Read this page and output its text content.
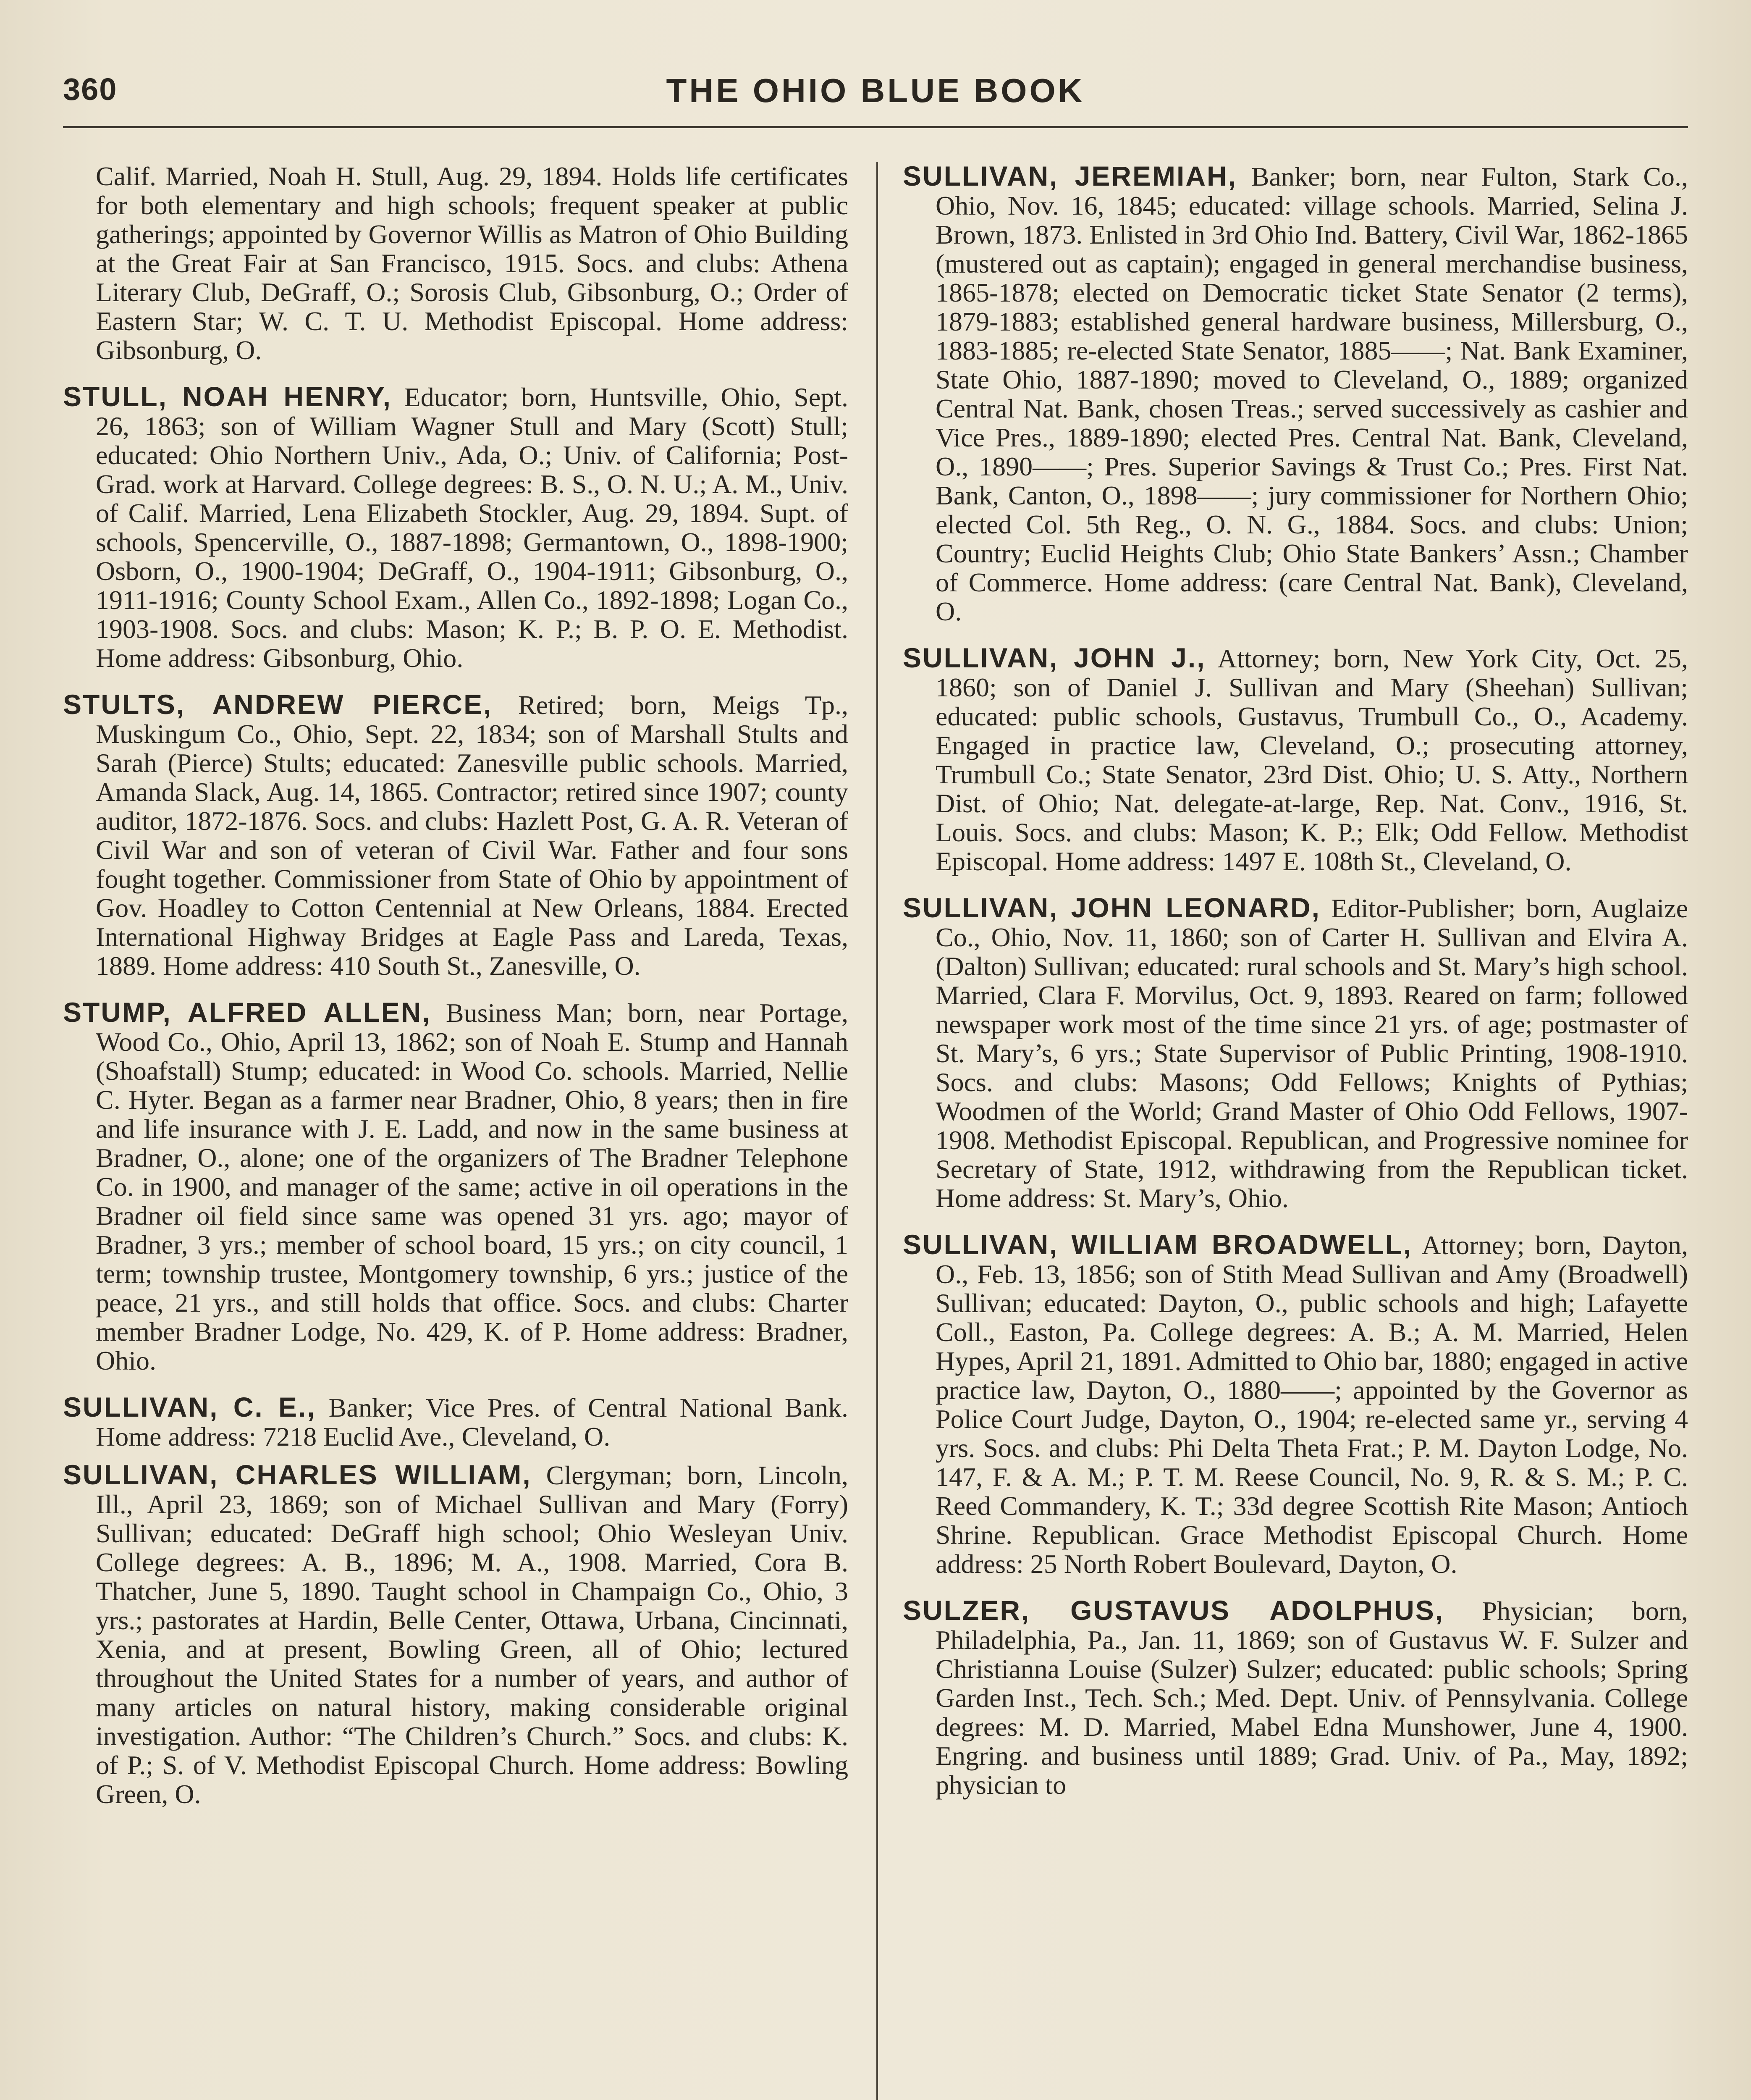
360	THE OHIO BLUE BOOK

Calif. Married, Noah H. Stull, Aug. 29, 1894. Holds life certificates for both elementary and high schools; frequent speaker at public gatherings; appointed by Governor Willis as Matron of Ohio Building at the Great Fair at San Francisco, 1915. Socs. and clubs: Athena Literary Club, DeGraff, O.; Sorosis Club, Gibsonburg, O.; Order of Eastern Star; W. C. T. U. Methodist Episcopal. Home address: Gibsonburg, O.

STULL, NOAH HENRY, Educator; born, Huntsville, Ohio, Sept. 26, 1863; son of William Wagner Stull and Mary (Scott) Stull; educated: Ohio Northern Univ., Ada, O.; Univ. of California; Post-Grad. work at Harvard. College degrees: B. S., O. N. U.; A. M., Univ. of Calif. Married, Lena Elizabeth Stockler, Aug. 29, 1894. Supt. of schools, Spencerville, O., 1887-1898; Germantown, O., 1898-1900; Osborn, O., 1900-1904; DeGraff, O., 1904-1911; Gibsonburg, O., 1911-1916; County School Exam., Allen Co., 1892-1898; Logan Co., 1903-1908. Socs. and clubs: Mason; K. P.; B. P. O. E. Methodist. Home address: Gibsonburg, Ohio.

STULTS, ANDREW PIERCE, Retired; born, Meigs Tp., Muskingum Co., Ohio, Sept. 22, 1834; son of Marshall Stults and Sarah (Pierce) Stults; educated: Zanesville public schools. Married, Amanda Slack, Aug. 14, 1865. Contractor; retired since 1907; county auditor, 1872-1876. Socs. and clubs: Hazlett Post, G. A. R. Veteran of Civil War and son of veteran of Civil War. Father and four sons fought together. Commissioner from State of Ohio by appointment of Gov. Hoadley to Cotton Centennial at New Orleans, 1884. Erected International Highway Bridges at Eagle Pass and Lareda, Texas, 1889. Home address: 410 South St., Zanesville, O.

STUMP, ALFRED ALLEN, Business Man; born, near Portage, Wood Co., Ohio, April 13, 1862; son of Noah E. Stump and Hannah (Shoafstall) Stump; educated: in Wood Co. schools. Married, Nellie C. Hyter. Began as a farmer near Bradner, Ohio, 8 years; then in fire and life insurance with J. E. Ladd, and now in the same business at Bradner, O., alone; one of the organizers of The Bradner Telephone Co. in 1900, and manager of the same; active in oil operations in the Bradner oil field since same was opened 31 yrs. ago; mayor of Bradner, 3 yrs.; member of school board, 15 yrs.; on city council, 1 term; township trustee, Montgomery township, 6 yrs.; justice of the peace, 21 yrs., and still holds that office. Socs. and clubs: Charter member Bradner Lodge, No. 429, K. of P. Home address: Bradner, Ohio.

SULLIVAN, C. E., Banker; Vice Pres. of Central National Bank. Home address: 7218 Euclid Ave., Cleveland, O.

SULLIVAN, CHARLES WILLIAM, Clergyman; born, Lincoln, Ill., April 23, 1869; son of Michael Sullivan and Mary (Forry) Sullivan; educated: DeGraff high school; Ohio Wesleyan Univ. College degrees: A. B., 1896; M. A., 1908. Married, Cora B. Thatcher, June 5, 1890. Taught school in Champaign Co., Ohio, 3 yrs.; pastorates at Hardin, Belle Center, Ottawa, Urbana, Cincinnati, Xenia, and at present, Bowling Green, all of Ohio; lectured throughout the United States for a number of years, and author of many articles on natural history, making considerable original investigation. Author: “The Children’s Church.” Socs. and clubs: K. of P.; S. of V. Methodist Episcopal Church. Home address: Bowling Green, O.

SULLIVAN, JEREMIAH, Banker; born, near Fulton, Stark Co., Ohio, Nov. 16, 1845; educated: village schools. Married, Selina J. Brown, 1873. Enlisted in 3rd Ohio Ind. Battery, Civil War, 1862-1865 (mustered out as captain); engaged in general merchandise business, 1865-1878; elected on Democratic ticket State Senator (2 terms), 1879-1883; established general hardware business, Millersburg, O., 1883-1885; re-elected State Senator, 1885——; Nat. Bank Examiner, State Ohio, 1887-1890; moved to Cleveland, O., 1889; organized Central Nat. Bank, chosen Treas.; served successively as cashier and Vice Pres., 1889-1890; elected Pres. Central Nat. Bank, Cleveland, O., 1890——; Pres. Superior Savings & Trust Co.; Pres. First Nat. Bank, Canton, O., 1898——; jury commissioner for Northern Ohio; elected Col. 5th Reg., O. N. G., 1884. Socs. and clubs: Union; Country; Euclid Heights Club; Ohio State Bankers’ Assn.; Chamber of Commerce. Home address: (care Central Nat. Bank), Cleveland, O.

SULLIVAN, JOHN J., Attorney; born, New York City, Oct. 25, 1860; son of Daniel J. Sullivan and Mary (Sheehan) Sullivan; educated: public schools, Gustavus, Trumbull Co., O., Academy. Engaged in practice law, Cleveland, O.; prosecuting attorney, Trumbull Co.; State Senator, 23rd Dist. Ohio; U. S. Atty., Northern Dist. of Ohio; Nat. delegate-at-large, Rep. Nat. Conv., 1916, St. Louis. Socs. and clubs: Mason; K. P.; Elk; Odd Fellow. Methodist Episcopal. Home address: 1497 E. 108th St., Cleveland, O.

SULLIVAN, JOHN LEONARD, Editor-Publisher; born, Auglaize Co., Ohio, Nov. 11, 1860; son of Carter H. Sullivan and Elvira A. (Dalton) Sullivan; educated: rural schools and St. Mary’s high school. Married, Clara F. Morvilus, Oct. 9, 1893. Reared on farm; followed newspaper work most of the time since 21 yrs. of age; postmaster of St. Mary’s, 6 yrs.; State Supervisor of Public Printing, 1908-1910. Socs. and clubs: Masons; Odd Fellows; Knights of Pythias; Woodmen of the World; Grand Master of Ohio Odd Fellows, 1907-1908. Methodist Episcopal. Republican, and Progressive nominee for Secretary of State, 1912, withdrawing from the Republican ticket. Home address: St. Mary’s, Ohio.

SULLIVAN, WILLIAM BROADWELL, Attorney; born, Dayton, O., Feb. 13, 1856; son of Stith Mead Sullivan and Amy (Broadwell) Sullivan; educated: Dayton, O., public schools and high; Lafayette Coll., Easton, Pa. College degrees: A. B.; A. M. Married, Helen Hypes, April 21, 1891. Admitted to Ohio bar, 1880; engaged in active practice law, Dayton, O., 1880——; appointed by the Governor as Police Court Judge, Dayton, O., 1904; re-elected same yr., serving 4 yrs. Socs. and clubs: Phi Delta Theta Frat.; P. M. Dayton Lodge, No. 147, F. & A. M.; P. T. M. Reese Council, No. 9, R. & S. M.; P. C. Reed Commandery, K. T.; 33d degree Scottish Rite Mason; Antioch Shrine. Republican. Grace Methodist Episcopal Church. Home address: 25 North Robert Boulevard, Dayton, O.

SULZER, GUSTAVUS ADOLPHUS, Physician; born, Philadelphia, Pa., Jan. 11, 1869; son of Gustavus W. F. Sulzer and Christianna Louise (Sulzer) Sulzer; educated: public schools; Spring Garden Inst., Tech. Sch.; Med. Dept. Univ. of Pennsylvania. College degrees: M. D. Married, Mabel Edna Munshower, June 4, 1900. Engring. and business until 1889; Grad. Univ. of Pa., May, 1892; physician to
